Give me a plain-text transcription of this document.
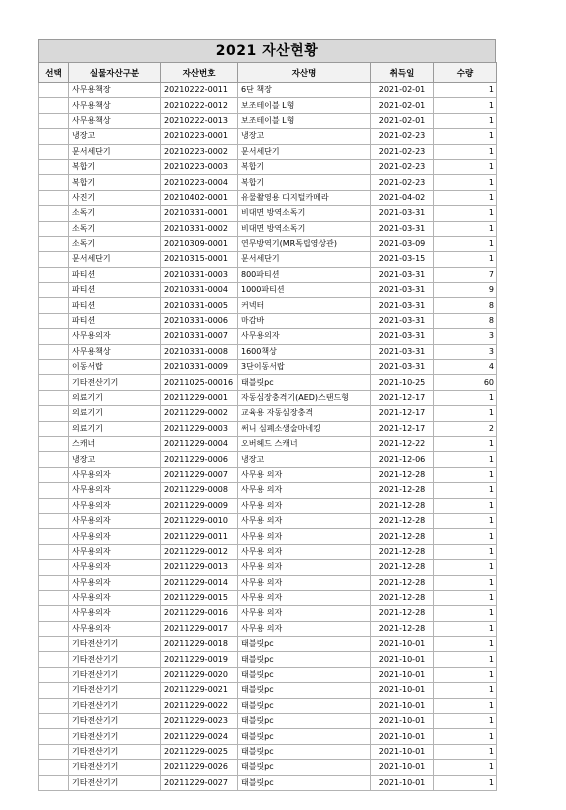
2021 자산현황
선택	실물자산구분	자산번호	자산명	취득일	수량
	사무용책장	20210222-0011	6단 책장	2021-02-01	1
	사무용책상	20210222-0012	보조테이블 L형	2021-02-01	1
	사무용책상	20210222-0013	보조테이블 L형	2021-02-01	1
	냉장고	20210223-0001	냉장고	2021-02-23	1
	문서세단기	20210223-0002	문서세단기	2021-02-23	1
	복합기	20210223-0003	복합기	2021-02-23	1
	복합기	20210223-0004	복합기	2021-02-23	1
	사진기	20210402-0001	유물촬영용 디지털카메라	2021-04-02	1
	소독기	20210331-0001	비대면 방역소독기	2021-03-31	1
	소독기	20210331-0002	비대면 방역소독기	2021-03-31	1
	소독기	20210309-0001	연무방역기(MR독립영상관)	2021-03-09	1
	문서세단기	20210315-0001	문서세단기	2021-03-15	1
	파티션	20210331-0003	800파티션	2021-03-31	7
	파티션	20210331-0004	1000파티션	2021-03-31	9
	파티션	20210331-0005	커넥터	2021-03-31	8
	파티션	20210331-0006	마감바	2021-03-31	8
	사무용의자	20210331-0007	사무용의자	2021-03-31	3
	사무용책상	20210331-0008	1600책상	2021-03-31	3
	이동서랍	20210331-0009	3단이동서랍	2021-03-31	4
	기타전산기기	20211025-00016	태블릿pc	2021-10-25	60
	의료기기	20211229-0001	자동심장충격기(AED)스탠드형	2021-12-17	1
	의료기기	20211229-0002	교육용 자동심장충격	2021-12-17	1
	의료기기	20211229-0003	써니 심폐소생술마네킹	2021-12-17	2
	스캐너	20211229-0004	오버헤드 스캐너	2021-12-22	1
	냉장고	20211229-0006	냉장고	2021-12-06	1
	사무용의자	20211229-0007	사무용 의자	2021-12-28	1
	사무용의자	20211229-0008	사무용 의자	2021-12-28	1
	사무용의자	20211229-0009	사무용 의자	2021-12-28	1
	사무용의자	20211229-0010	사무용 의자	2021-12-28	1
	사무용의자	20211229-0011	사무용 의자	2021-12-28	1
	사무용의자	20211229-0012	사무용 의자	2021-12-28	1
	사무용의자	20211229-0013	사무용 의자	2021-12-28	1
	사무용의자	20211229-0014	사무용 의자	2021-12-28	1
	사무용의자	20211229-0015	사무용 의자	2021-12-28	1
	사무용의자	20211229-0016	사무용 의자	2021-12-28	1
	사무용의자	20211229-0017	사무용 의자	2021-12-28	1
	기타전산기기	20211229-0018	태블릿pc	2021-10-01	1
	기타전산기기	20211229-0019	태블릿pc	2021-10-01	1
	기타전산기기	20211229-0020	태블릿pc	2021-10-01	1
	기타전산기기	20211229-0021	태블릿pc	2021-10-01	1
	기타전산기기	20211229-0022	태블릿pc	2021-10-01	1
	기타전산기기	20211229-0023	태블릿pc	2021-10-01	1
	기타전산기기	20211229-0024	태블릿pc	2021-10-01	1
	기타전산기기	20211229-0025	태블릿pc	2021-10-01	1
	기타전산기기	20211229-0026	태블릿pc	2021-10-01	1
	기타전산기기	20211229-0027	태블릿pc	2021-10-01	1
